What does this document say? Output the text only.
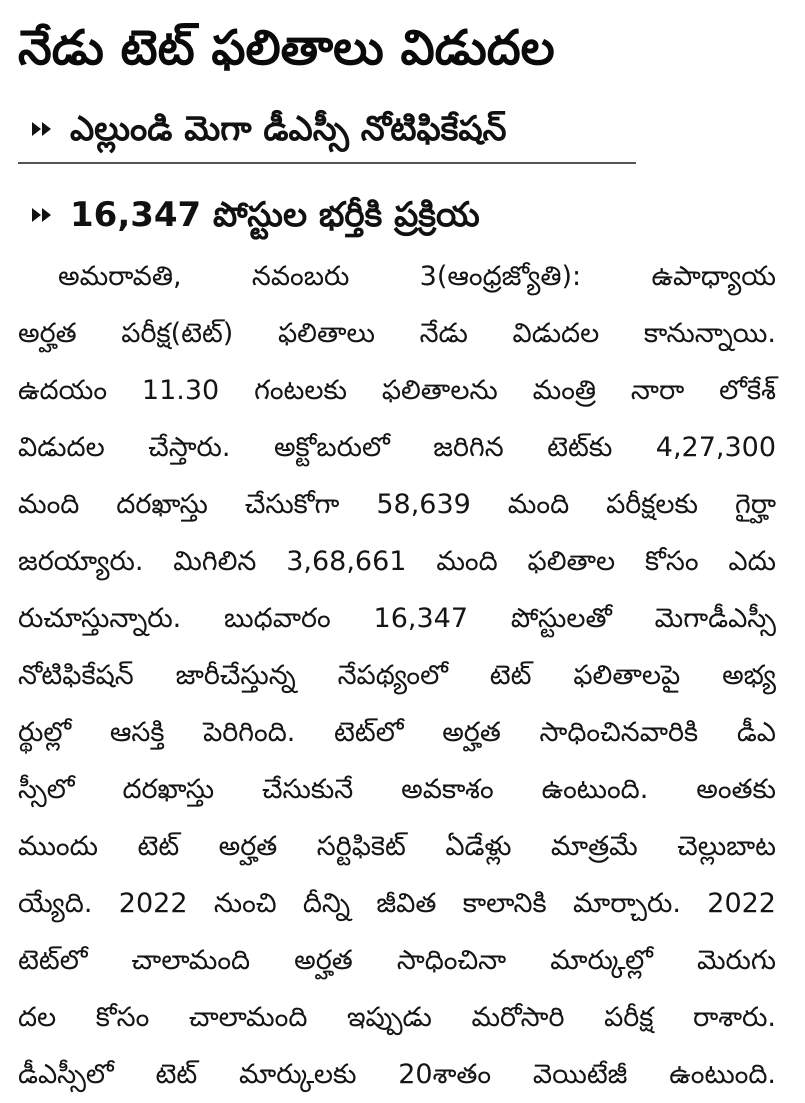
నేడు టెట్ ఫలితాలు విడుదల
ఎల్లుండి మెగా డీఎస్సీ నోటిఫికేషన్
16,347 పోస్టుల భర్తీకి ప్రక్రియ
అమరావతి, నవంబరు 3(ఆంధ్రజ్యోతి): ఉపాధ్యాయ
అర్హత పరీక్ష(టెట్) ఫలితాలు నేడు విడుదల కానున్నాయి.
ఉదయం 11.30 గంటలకు ఫలితాలను మంత్రి నారా లోకేశ్
విడుదల చేస్తారు. అక్టోబరులో జరిగిన టెట్‌కు 4,27,300
మంది దరఖాస్తు చేసుకోగా 58,639 మంది పరీక్షలకు గైర్హా
జరయ్యారు. మిగిలిన 3,68,661 మంది ఫలితాల కోసం ఎదు
రుచూస్తున్నారు. బుధవారం 16,347 పోస్టులతో మెగాడీఎస్సీ
నోటిఫికేషన్ జారీచేస్తున్న నేపథ్యంలో టెట్ ఫలితాలపై అభ్య
ర్థుల్లో ఆసక్తి పెరిగింది. టెట్‌లో అర్హత సాధించినవారికి డీఎ
స్సీలో దరఖాస్తు చేసుకునే అవకాశం ఉంటుంది. అంతకు
ముందు టెట్ అర్హత సర్టిఫికెట్ ఏడేళ్లు మాత్రమే చెల్లుబాట
య్యేది. 2022 నుంచి దీన్ని జీవిత కాలానికి మార్చారు. 2022
టెట్‌లో చాలామంది అర్హత సాధించినా మార్కుల్లో మెరుగు
దల కోసం చాలామంది ఇప్పుడు మరోసారి పరీక్ష రాశారు.
డీఎస్సీలో టెట్ మార్కులకు 20శాతం వెయిటేజీ ఉంటుంది.
